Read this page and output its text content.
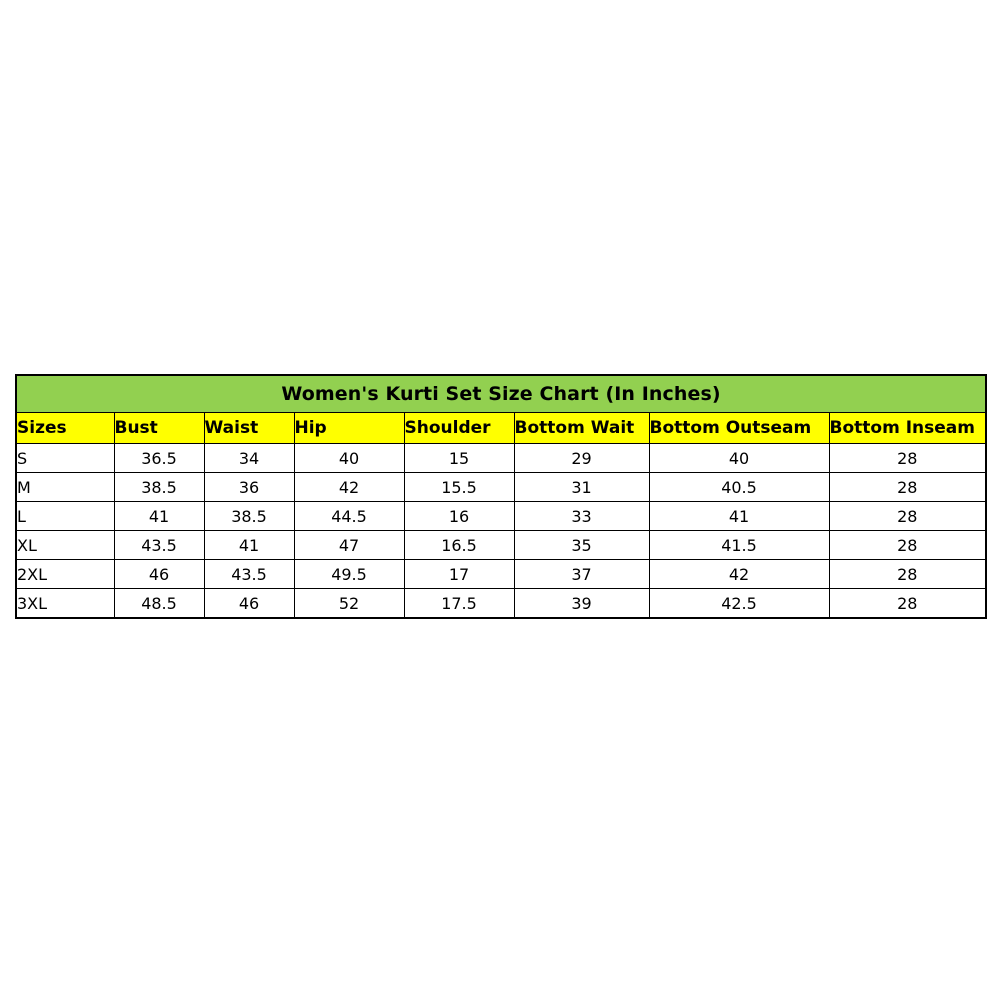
Women's Kurti Set Size Chart (In Inches)							
Sizes	Bust	Waist	Hip	Shoulder	Bottom Wait	Bottom Outseam	Bottom Inseam
S	36.5	34	40	15	29	40	28
M	38.5	36	42	15.5	31	40.5	28
L	41	38.5	44.5	16	33	41	28
XL	43.5	41	47	16.5	35	41.5	28
2XL	46	43.5	49.5	17	37	42	28
3XL	48.5	46	52	17.5	39	42.5	28
